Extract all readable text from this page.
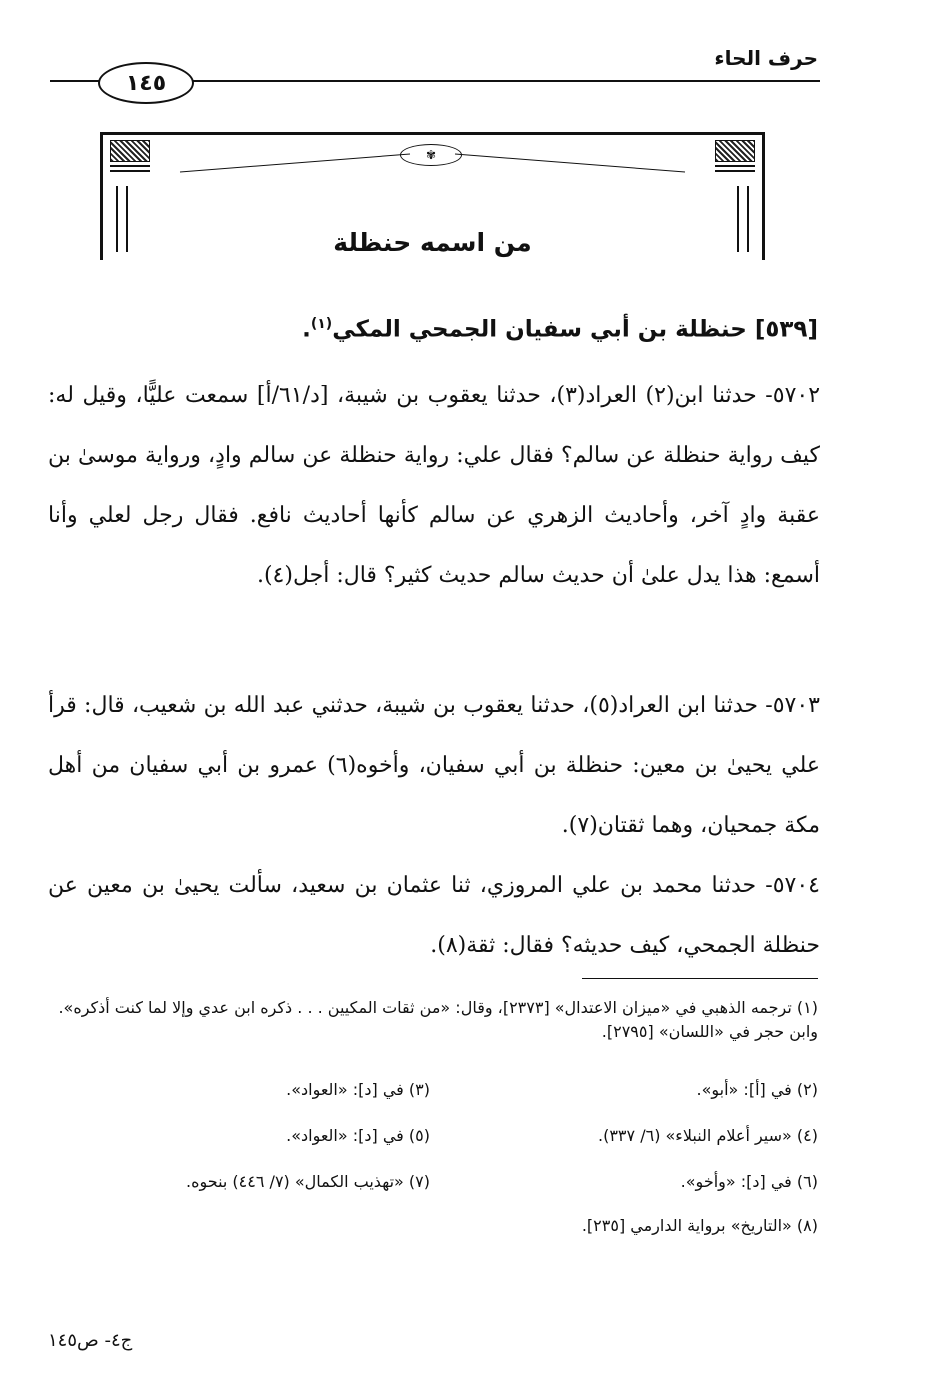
حرف الحاء
١٤٥
✾
من اسمه حنظلة
[٥٣٩] حنظلة بن أبي سفيان الجمحي المكي$^{(١)}$.
٥٧٠٢- حدثنا ابن(٢) العراد(٣)، حدثنا يعقوب بن شيبة، [د/٦١/أ] سمعت عليًّا، وقيل له: كيف رواية حنظلة عن سالم؟ فقال علي: رواية حنظلة عن سالم وادٍ، ورواية موسىٰ بن عقبة وادٍ آخر، وأحاديث الزهري عن سالم كأنها أحاديث نافع. فقال رجل لعلي وأنا أسمع: هذا يدل علىٰ أن حديث سالم حديث كثير؟ قال: أجل(٤).
٥٧٠٣- حدثنا ابن العراد(٥)، حدثنا يعقوب بن شيبة، حدثني عبد الله بن شعيب، قال: قرأ علي يحيىٰ بن معين: حنظلة بن أبي سفيان، وأخوه(٦) عمرو بن أبي سفيان من أهل مكة جمحيان، وهما ثقتان(٧).
٥٧٠٤- حدثنا محمد بن علي المروزي، ثنا عثمان بن سعيد، سألت يحيىٰ بن معين عن حنظلة الجمحي، كيف حديثه؟ فقال: ثقة(٨).
(١) ترجمه الذهبي في «ميزان الاعتدال» [٢٣٧٣]، وقال: «من ثقات المكيين . . . ذكره ابن عدي وإلا لما كنت أذكره». وابن حجر في «اللسان» [٢٧٩٥].
(٢) في [أ]: «أبو».
(٣) في [د]: «العواد».
(٤) «سير أعلام النبلاء» (٦/ ٣٣٧).
(٥) في [د]: «العواد».
(٦) في [د]: «وأخو».
(٧) «تهذيب الكمال» (٧/ ٤٤٦) بنحوه.
(٨) «التاريخ» برواية الدارمي [٢٣٥].
ج٤- ص١٤٥
